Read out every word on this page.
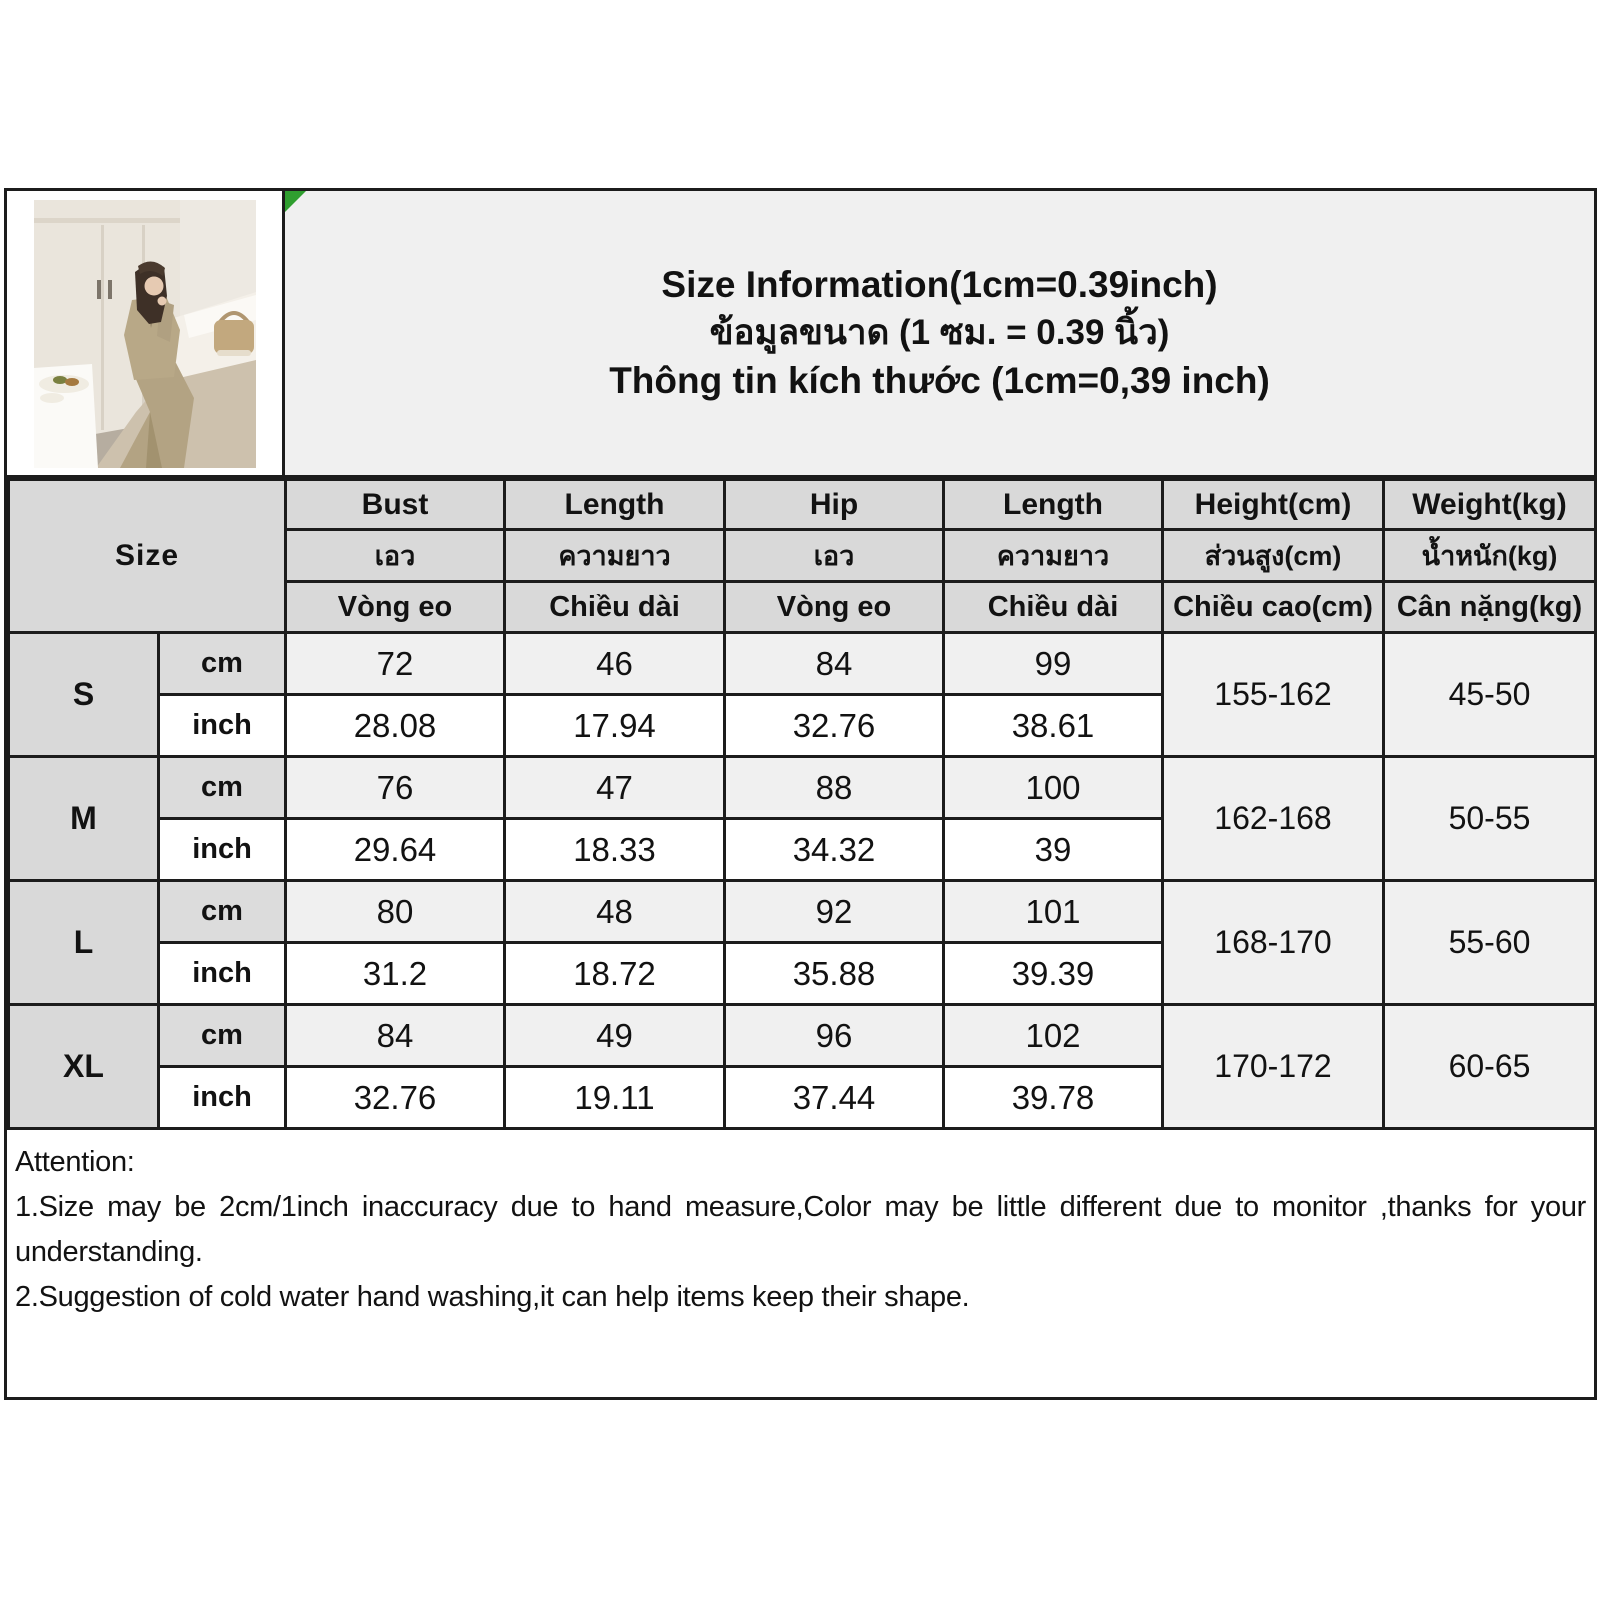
Size Information(1cm=0.39inch)
ข้อมูลขนาด (1 ซม. = 0.39 นิ้ว)
Thông tin kích thước (1cm=0,39 inch)
Size		Bust	Length	Hip	Length	Height(cm)	Weight(kg)
		เอว	ความยาว	เอว	ความยาว	ส่วนสูง(cm)	น้ำหนัก(kg)
		Vòng eo	Chiều dài	Vòng eo	Chiều dài	Chiều cao(cm)	Cân nặng(kg)
S	cm	72	46	84	99	155-162	45-50
	inch	28.08	17.94	32.76	38.61		
M	cm	76	47	88	100	162-168	50-55
	inch	29.64	18.33	34.32	39		
L	cm	80	48	92	101	168-170	55-60
	inch	31.2	18.72	35.88	39.39		
XL	cm	84	49	96	102	170-172	60-65
	inch	32.76	19.11	37.44	39.78		
Attention:
1.Size may be 2cm/1inch inaccuracy due to hand measure,Color may be little different due to monitor ,thanks for your understanding.
2.Suggestion of cold water hand washing,it can help items keep their shape.
